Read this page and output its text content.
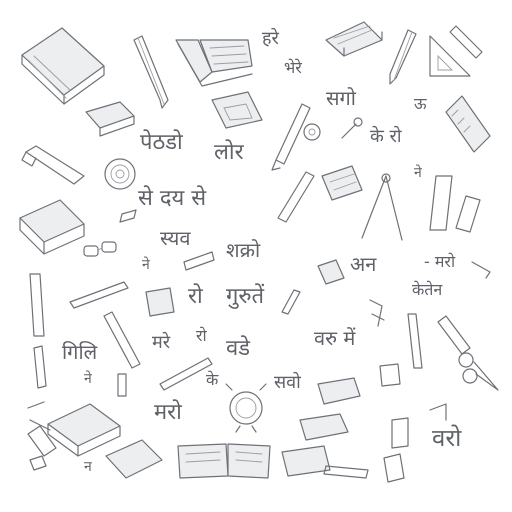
हरे
भेरे
सगो	ऊ
के रो
पेठडो लोर
से दय से
ने
स्यव शक्रो
अन	- मरो
केतेन
ने
रो गुरुतें
वरु में
गिलि	मरे रो
वडे
के	सवो
मरो
ने
वरो
न
